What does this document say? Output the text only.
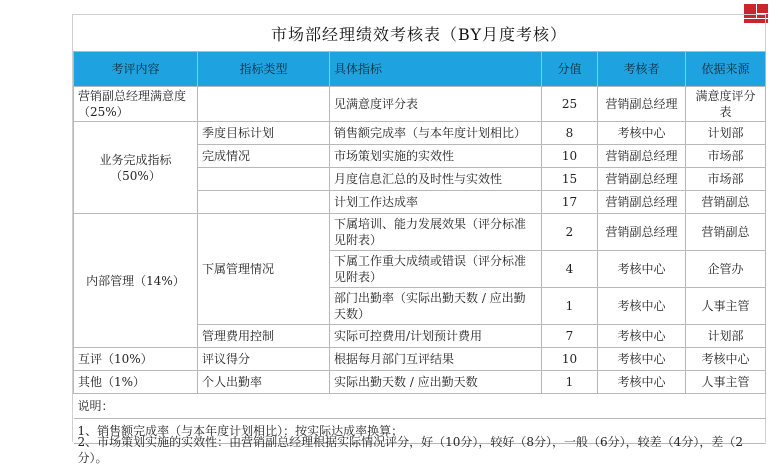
市场部经理绩效考核表（BY月度考核）
考评内容	指标类型	具体指标	分值	考核者	依据来源
营销副总经理满意度（25%）		见满意度评分表	25	营销副总经理	满意度评分表
业务完成指标（50%）	季度目标计划	销售额完成率（与本年度计划相比）	8	考核中心	计划部
	完成情况	市场策划实施的实效性	10	营销副总经理	市场部
		月度信息汇总的及时性与实效性	15	营销副总经理	市场部
		计划工作达成率	17	营销副总经理	营销副总
内部管理（14%）	下属管理情况	下属培训、能力发展效果（评分标准见附表）	2	营销副总经理	营销副总
		下属工作重大成绩或错误（评分标准见附表）	4	考核中心	企管办
		部门出勤率（实际出勤天数 / 应出勤天数）	1	考核中心	人事主管
	管理费用控制	实际可控费用/计划预计费用	7	考核中心	计划部
互评（10%）	评议得分	根据每月部门互评结果	10	考核中心	考核中心
其他（1%）	个人出勤率	实际出勤天数 / 应出勤天数	1	考核中心	人事主管
说明：					
1、销售额完成率（与本年度计划相比）：按实际达成率换算；					
2、市场策划实施的实效性：由营销副总经理根据实际情况评分，好（10分），较好（8分），一般（6分），较差（4分），差（2分）。					
